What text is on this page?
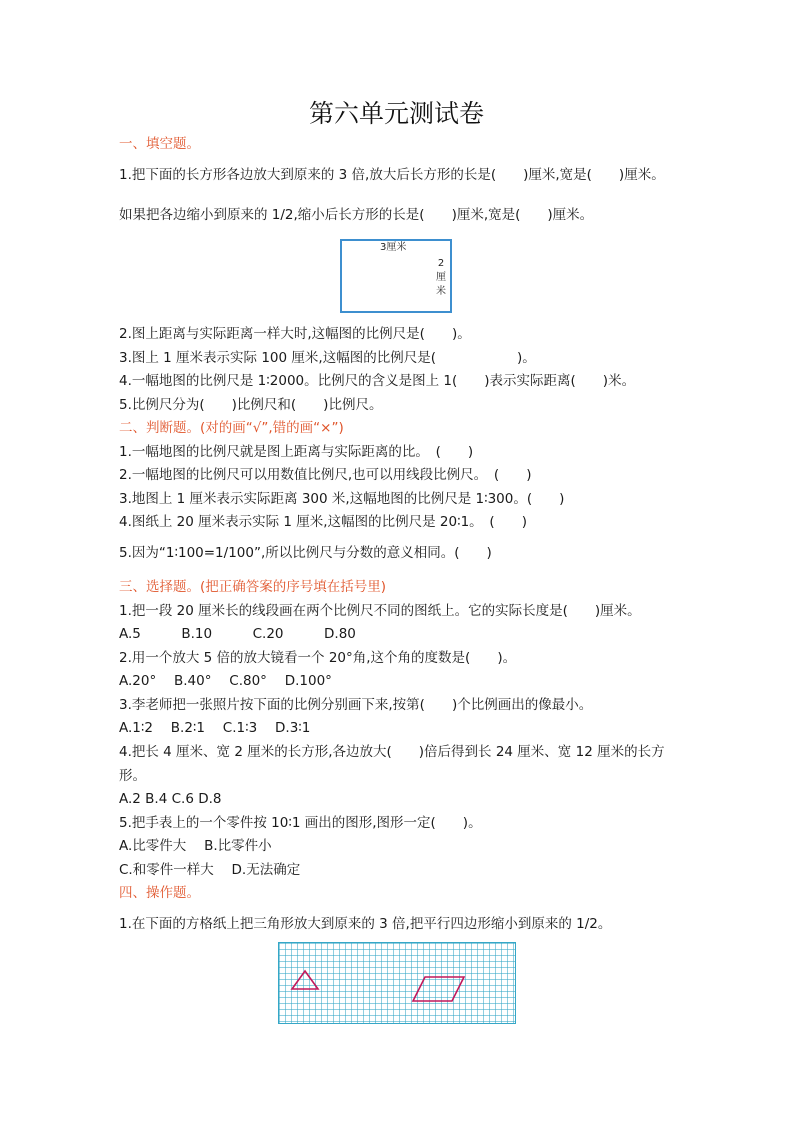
第六单元测试卷
一、填空题。
1.把下面的长方形各边放大到原来的 3 倍,放大后长方形的长是(　　)厘米,宽是(　　)厘米。
如果把各边缩小到原来的 1/2,缩小后长方形的长是(　　)厘米,宽是(　　)厘米。
3厘米
2
厘
米
2.图上距离与实际距离一样大时,这幅图的比例尺是(　　)。
3.图上 1 厘米表示实际 100 厘米,这幅图的比例尺是(　　　　　　)。
4.一幅地图的比例尺是 1∶2000。比例尺的含义是图上 1(　　)表示实际距离(　　)米。
5.比例尺分为(　　)比例尺和(　　)比例尺。
二、判断题。(对的画“√”,错的画“×”)
1.一幅地图的比例尺就是图上距离与实际距离的比。　(　　)
2.一幅地图的比例尺可以用数值比例尺,也可以用线段比例尺。　(　　)
3.地图上 1 厘米表示实际距离 300 米,这幅地图的比例尺是 1∶300。(　　)
4.图纸上 20 厘米表示实际 1 厘米,这幅图的比例尺是 20∶1。　(　　)
5.因为“1∶100=1/100”,所以比例尺与分数的意义相同。(　　)
三、选择题。(把正确答案的序号填在括号里)
1.把一段 20 厘米长的线段画在两个比例尺不同的图纸上。它的实际长度是(　　)厘米。
A.5   B.10   C.20   D.80
2.用一个放大 5 倍的放大镜看一个 20°角,这个角的度数是(　　)。
A.20°  B.40°  C.80°  D.100°
3.李老师把一张照片按下面的比例分别画下来,按第(　　)个比例画出的像最小。
A.1∶2  B.2∶1  C.1∶3  D.3∶1
4.把长 4 厘米、宽 2 厘米的长方形,各边放大(　　)倍后得到长 24 厘米、宽 12 厘米的长方
形。
A.2 B.4 C.6 D.8
5.把手表上的一个零件按 10∶1 画出的图形,图形一定(　　)。
A.比零件大  B.比零件小
C.和零件一样大  D.无法确定
四、操作题。
1.在下面的方格纸上把三角形放大到原来的 3 倍,把平行四边形缩小到原来的 1/2。
